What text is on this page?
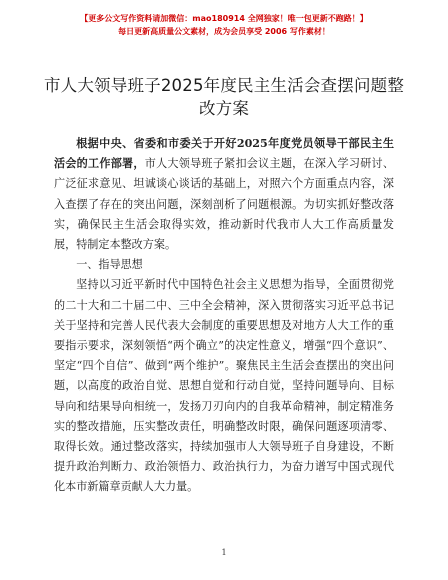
【更多公文写作资料请加微信：mao180914 全网独家！唯一包更新不跑路！】
每日更新高质量公文素材，成为会员享受 2006 写作素材！
市人大领导班子2025年度民主生活会查摆问题整改方案

根据中央、省委和市委关于开好2025年度党员领导干部民主生活会的工作部署，市人大领导班子紧扣会议主题，在深入学习研讨、广泛征求意见、坦诚谈心谈话的基础上，对照六个方面重点内容，深入查摆了存在的突出问题，深刻剖析了问题根源。为切实抓好整改落实，确保民主生活会取得实效，推动新时代我市人大工作高质量发展，特制定本整改方案。

一、指导思想

坚持以习近平新时代中国特色社会主义思想为指导，全面贯彻党的二十大和二十届二中、三中全会精神，深入贯彻落实习近平总书记关于坚持和完善人民代表大会制度的重要思想及对地方人大工作的重要指示要求，深刻领悟“两个确立”的决定性意义，增强“四个意识”、坚定“四个自信”、做到“两个维护”。聚焦民主生活会查摆出的突出问题，以高度的政治自觉、思想自觉和行动自觉，坚持问题导向、目标导向和结果导向相统一，发扬刀刃向内的自我革命精神，制定精准务实的整改措施，压实整改责任，明确整改时限，确保问题逐项清零、取得长效。通过整改落实，持续加强市人大领导班子自身建设，不断提升政治判断力、政治领悟力、政治执行力，为奋力谱写中国式现代化本市新篇章贡献人大力量。

1
